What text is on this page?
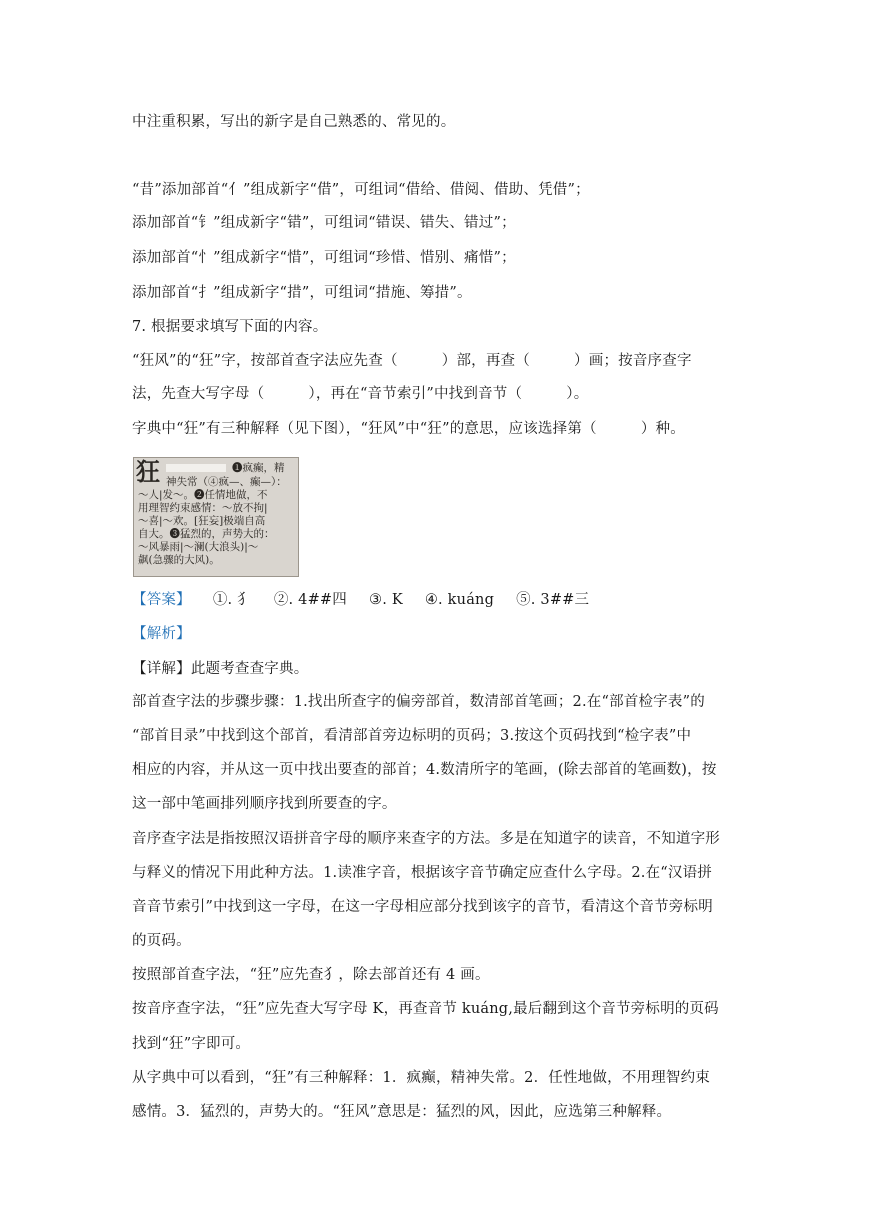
中注重积累，写出的新字是自己熟悉的、常见的。
“昔”添加部首“亻”组成新字“借”，可组词“借给、借阅、借助、凭借”；
添加部首“钅”组成新字“错”，可组词“错误、错失、错过”；
添加部首“忄”组成新字“惜”，可组词“珍惜、惜别、痛惜”；
添加部首“扌”组成新字“措”，可组词“措施、筹措”。
7. 根据要求填写下面的内容。
“狂风”的“狂”字，按部首查字法应先查（　　　）部，再查（　　　）画；按音序查字
法，先查大写字母（　　　），再在“音节索引”中找到音节（　　　）。
字典中“狂”有三种解释（见下图），“狂风”中“狂”的意思，应该选择第（　　　）种。
狂	❶疯癫，精
神失常（④疯—、癫—）：
～人|发～。❷任情地做，不
用理智约束感情：～放不拘|
～喜|～欢。[狂妄]极端自高
自大。❸猛烈的，声势大的：
～风暴雨|～澜(大浪头)|～
飙(急骤的大风)。
【答案】 ①. 犭 ②. 4##四 ③. K ④. kuáng ⑤. 3##三
【解析】
【详解】此题考查查字典。
部首查字法的步骤步骤：1.找出所查字的偏旁部首，数清部首笔画；2.在“部首检字表”的
“部首目录”中找到这个部首，看清部首旁边标明的页码；3.按这个页码找到“检字表”中
相应的内容，并从这一页中找出要查的部首；4.数清所字的笔画，(除去部首的笔画数)，按
这一部中笔画排列顺序找到所要查的字。
音序查字法是指按照汉语拼音字母的顺序来查字的方法。多是在知道字的读音，不知道字形
与释义的情况下用此种方法。1.读准字音，根据该字音节确定应查什么字母。2.在“汉语拼
音音节索引”中找到这一字母，在这一字母相应部分找到该字的音节，看清这个音节旁标明
的页码。
按照部首查字法，“狂”应先查犭，除去部首还有 4 画。
按音序查字法，“狂”应先查大写字母 K，再查音节 kuáng,最后翻到这个音节旁标明的页码
找到“狂”字即可。
从字典中可以看到，“狂”有三种解释：1．疯癫，精神失常。2．任性地做，不用理智约束
感情。3．猛烈的，声势大的。“狂风”意思是：猛烈的风，因此，应选第三种解释。
